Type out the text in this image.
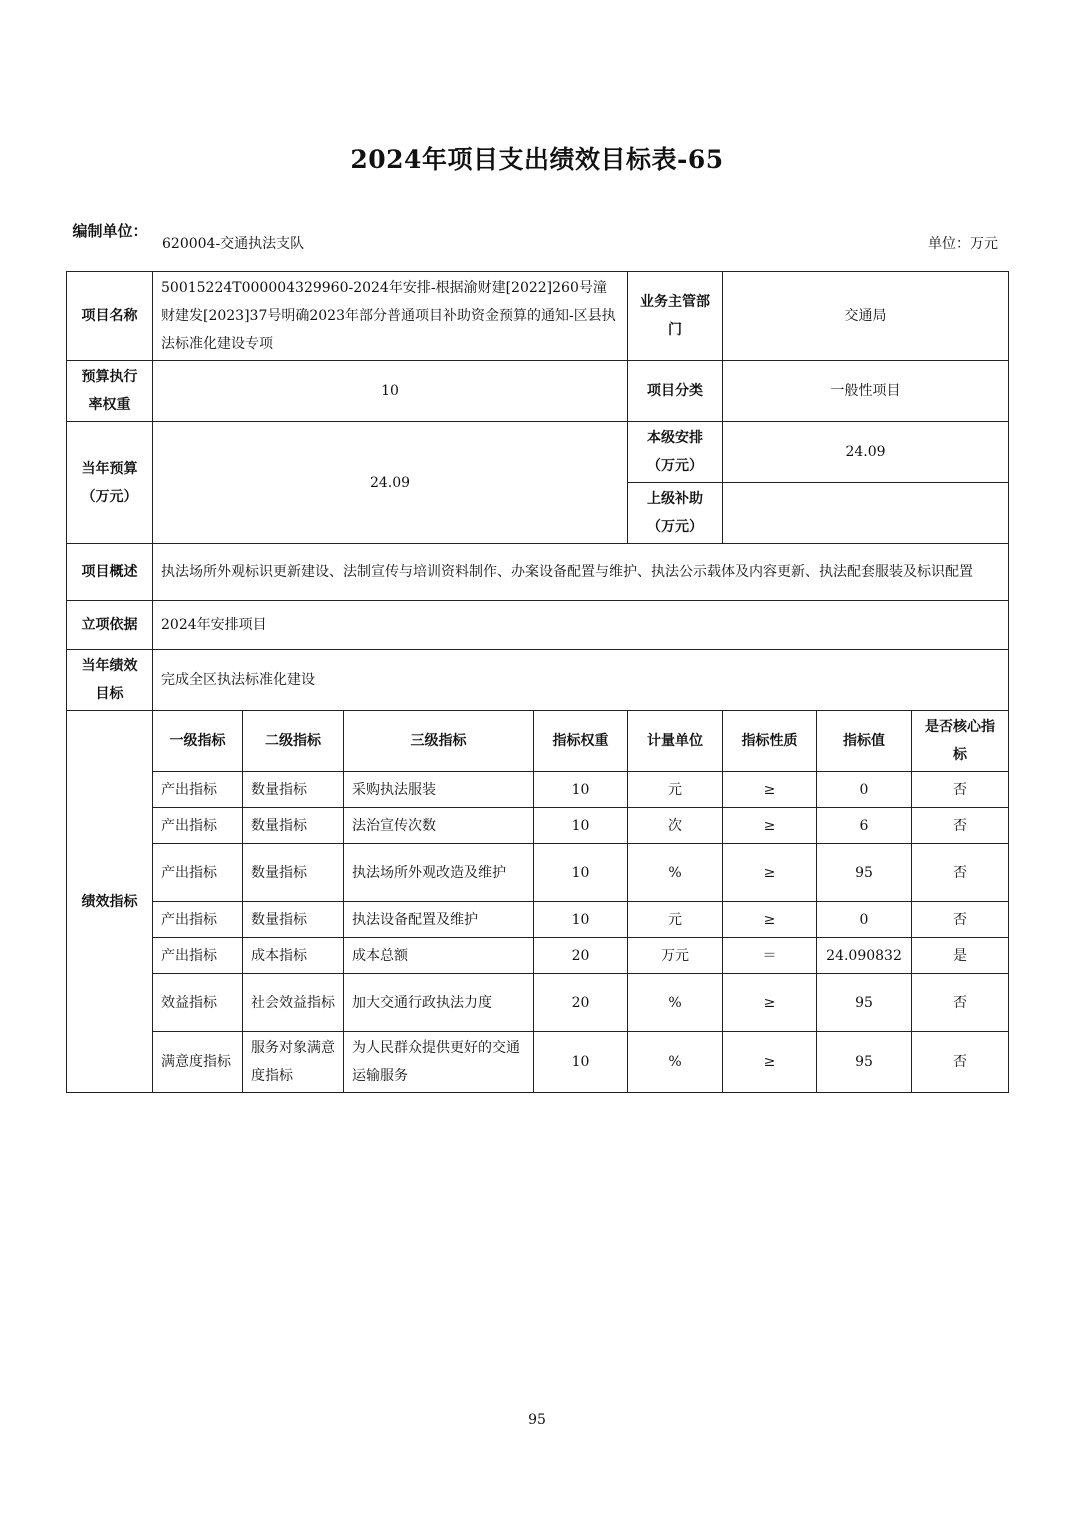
2024年项目支出绩效目标表-65
编制单位：
620004-交通执法支队	单位：万元
项目名称	50015224T000004329960-2024年安排-根据渝财建[2022]260号潼财建发[2023]37号明确2023年部分普通项目补助资金预算的通知-区县执法标准化建设专项				业务主管部门	交通局		
预算执行率权重	10				项目分类	一般性项目		
当年预算（万元）	24.09				本级安排（万元）	24.09		
					上级补助（万元）			
项目概述	执法场所外观标识更新建设、法制宣传与培训资料制作、办案设备配置与维护、执法公示载体及内容更新、执法配套服装及标识配置							
立项依据	2024年安排项目							
当年绩效目标	完成全区执法标准化建设							
绩效指标	一级指标	二级指标	三级指标	指标权重	计量单位	指标性质	指标值	是否核心指标
	产出指标	数量指标	采购执法服装	10	元	≥	0	否
	产出指标	数量指标	法治宣传次数	10	次	≥	6	否
	产出指标	数量指标	执法场所外观改造及维护	10	%	≥	95	否
	产出指标	数量指标	执法设备配置及维护	10	元	≥	0	否
	产出指标	成本指标	成本总额	20	万元	＝	24.090832	是
	效益指标	社会效益指标	加大交通行政执法力度	20	%	≥	95	否
	满意度指标	服务对象满意度指标	为人民群众提供更好的交通运输服务	10	%	≥	95	否
95
